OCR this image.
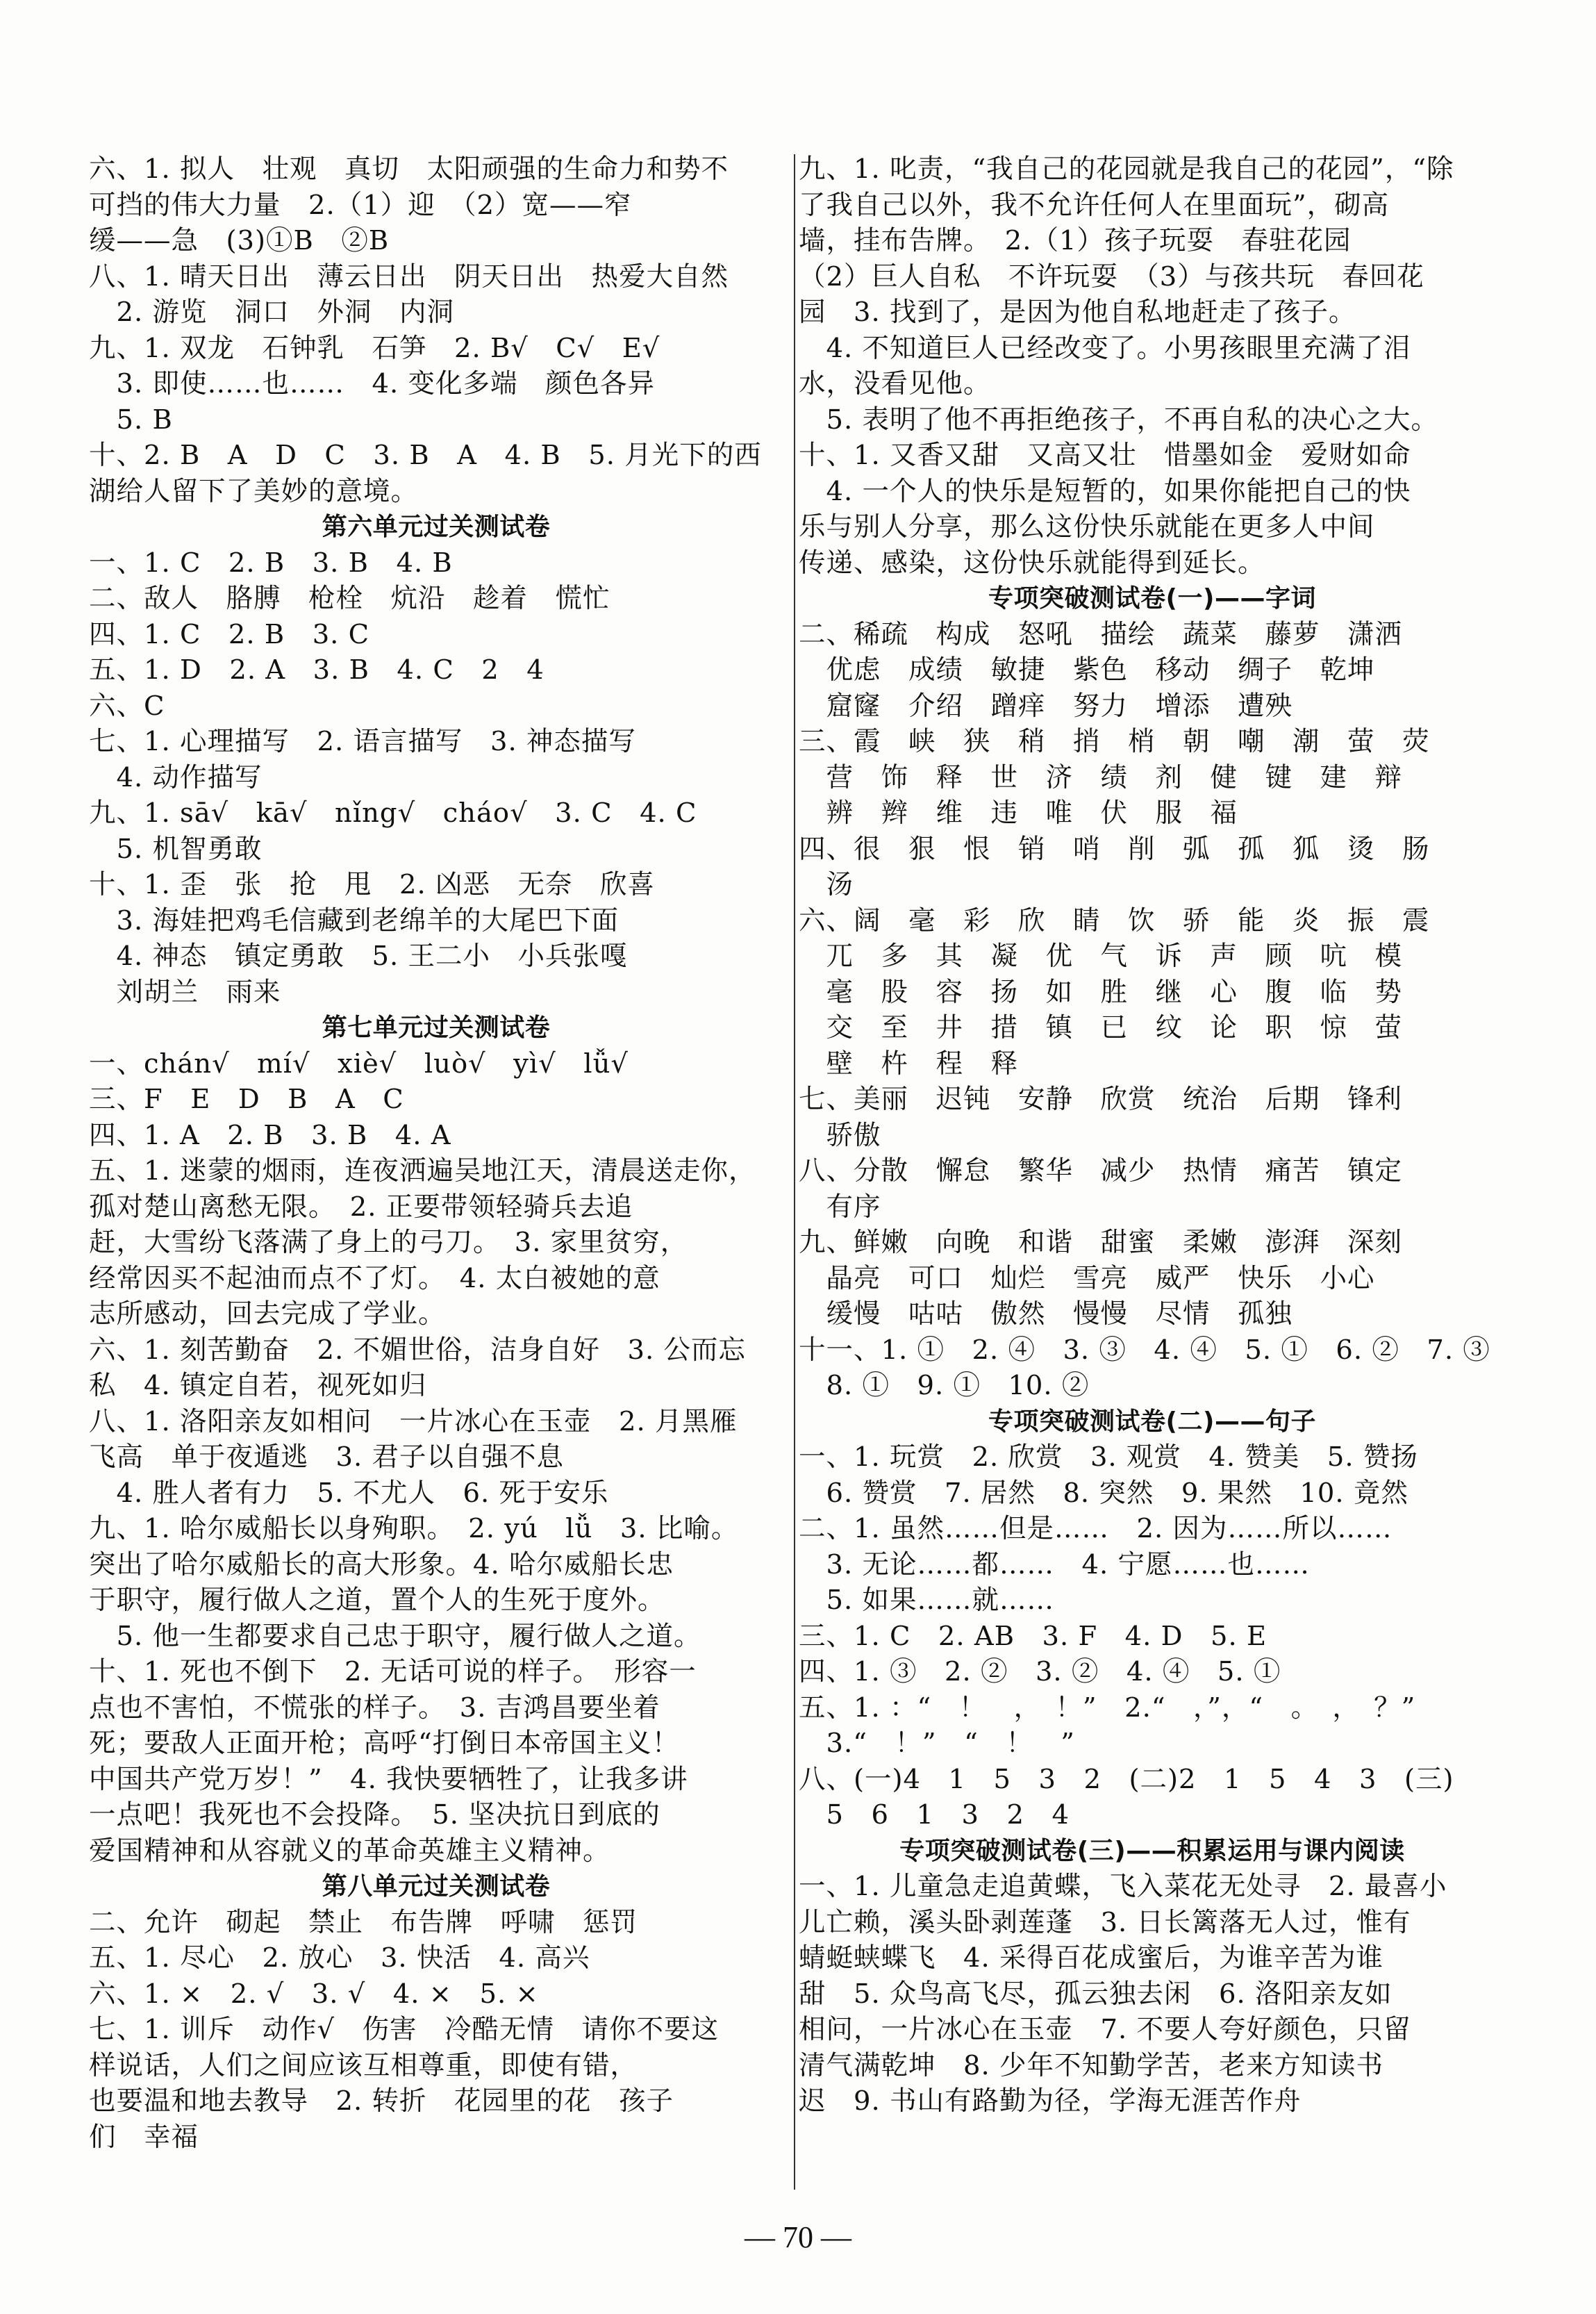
六、1. 拟人　壮观　真切　太阳顽强的生命力和势不
可挡的伟大力量　2.（1）迎　（2）宽——窄
缓——急　(3)①B　②B
八、1. 晴天日出　薄云日出　阴天日出　热爱大自然
　2. 游览　洞口　外洞　内洞
九、1. 双龙　石钟乳　石笋　2. B√　C√　E√
　3. 即使……也……　4. 变化多端　颜色各异
　5. B
十、2. B　A　D　C　3. B　A　4. B　5. 月光下的西
湖给人留下了美妙的意境。
第六单元过关测试卷
一、1. C　2. B　3. B　4. B
二、敌人　胳膊　枪栓　炕沿　趁着　慌忙
四、1. C　2. B　3. C
五、1. D　2. A　3. B　4. C　2　4
六、C
七、1. 心理描写　2. 语言描写　3. 神态描写
　4. 动作描写
九、1. sā√　kā√　nǐng√　cháo√　3. C　4. C
　5. 机智勇敢
十、1. 歪　张　抢　甩　2. 凶恶　无奈　欣喜
　3. 海娃把鸡毛信藏到老绵羊的大尾巴下面
　4. 神态　镇定勇敢　5. 王二小　小兵张嘎
　刘胡兰　雨来
第七单元过关测试卷
一、chán√　mí√　xiè√　luò√　yì√　lǚ√
三、F　E　D　B　A　C
四、1. A　2. B　3. B　4. A
五、1. 迷蒙的烟雨，连夜洒遍吴地江天，清晨送走你，
孤对楚山离愁无限。　2. 正要带领轻骑兵去追
赶，大雪纷飞落满了身上的弓刀。　3. 家里贫穷，
经常因买不起油而点不了灯。　4. 太白被她的意
志所感动，回去完成了学业。
六、1. 刻苦勤奋　2. 不媚世俗，洁身自好　3. 公而忘
私　4. 镇定自若，视死如归
八、1. 洛阳亲友如相问　一片冰心在玉壶　2. 月黑雁
飞高　单于夜遁逃　3. 君子以自强不息
　4. 胜人者有力　5. 不尤人　6. 死于安乐
九、1. 哈尔威船长以身殉职。　2. yú　lǚ　3. 比喻。
突出了哈尔威船长的高大形象。4. 哈尔威船长忠
于职守，履行做人之道，置个人的生死于度外。
　5. 他一生都要求自己忠于职守，履行做人之道。
十、1. 死也不倒下　2. 无话可说的样子。　形容一
点也不害怕，不慌张的样子。　3. 吉鸿昌要坐着
死；要敌人正面开枪；高呼“打倒日本帝国主义！
中国共产党万岁！”　4. 我快要牺牲了，让我多讲
一点吧！我死也不会投降。　5. 坚决抗日到底的
爱国精神和从容就义的革命英雄主义精神。
第八单元过关测试卷
二、允许　砌起　禁止　布告牌　呼啸　惩罚
五、1. 尽心　2. 放心　3. 快活　4. 高兴
六、1. ×　2. √　3. √　4. ×　5. ×
七、1. 训斥　动作√　伤害　冷酷无情　请你不要这
样说话，人们之间应该互相尊重，即使有错，
也要温和地去教导　2. 转折　花园里的花　孩子
们　幸福
九、1. 叱责，“我自己的花园就是我自己的花园”，“除
了我自己以外，我不允许任何人在里面玩”，砌高
墙，挂布告牌。　2.（1）孩子玩耍　春驻花园
（2）巨人自私　不许玩耍　（3）与孩共玩　春回花
园　3. 找到了，是因为他自私地赶走了孩子。
　4. 不知道巨人已经改变了。小男孩眼里充满了泪
水，没看见他。
　5. 表明了他不再拒绝孩子，不再自私的决心之大。
十、1. 又香又甜　又高又壮　惜墨如金　爱财如命
　4. 一个人的快乐是短暂的，如果你能把自己的快
乐与别人分享，那么这份快乐就能在更多人中间
传递、感染，这份快乐就能得到延长。
专项突破测试卷(一)——字词
二、稀疏　构成　怒吼　描绘　蔬菜　藤萝　潇洒
　优虑　成绩　敏捷　紫色　移动　绸子　乾坤
　窟窿　介绍　蹭痒　努力　增添　遭殃
三、霞　峡　狭　稍　捎　梢　朝　嘲　潮　萤　荧
　营　饰　释　世　济　绩　剂　健　键　建　辩
　辨　辫　维　违　唯　伏　服　福
四、很　狠　恨　销　哨　削　弧　孤　狐　烫　肠
　汤
六、阔　毫　彩　欣　睛　饮　骄　能　炎　振　震
　兀　多　其　凝　优　气　诉　声　顾　吭　模
　毫　股　容　扬　如　胜　继　心　腹　临　势
　交　至　井　措　镇　已　纹　论　职　惊　萤
　壁　杵　程　释
七、美丽　迟钝　安静　欣赏　统治　后期　锋利
　骄傲
八、分散　懈怠　繁华　减少　热情　痛苦　镇定
　有序
九、鲜嫩　向晚　和谐　甜蜜　柔嫩　澎湃　深刻
　晶亮　可口　灿烂　雪亮　威严　快乐　小心
　缓慢　咕咕　傲然　慢慢　尽情　孤独
十一、1. ①　2. ④　3. ③　4. ④　5. ①　6. ②　7. ③
　8. ①　9. ①　10. ②
专项突破测试卷(二)——句子
一、1. 玩赏　2. 欣赏　3. 观赏　4. 赞美　5. 赞扬
　6. 赞赏　7. 居然　8. 突然　9. 果然　10. 竟然
二、1. 虽然……但是……　2. 因为……所以……
　3. 无论……都……　4. 宁愿……也……
　5. 如果……就……
三、1. C　2. AB　3. F　4. D　5. E
四、1. ③　2. ②　3. ②　4. ④　5. ①
五、1. ：“　！　，　！”　2.“　，”，“　。　，　？”
　3.“　！”　“　！　”
八、(一)4　1　5　3　2　(二)2　1　5　4　3　(三)
　5　6　1　3　2　4
专项突破测试卷(三)——积累运用与课内阅读
一、1. 儿童急走追黄蝶，飞入菜花无处寻　2. 最喜小
儿亡赖，溪头卧剥莲蓬　3. 日长篱落无人过，惟有
蜻蜓蛱蝶飞　4. 采得百花成蜜后，为谁辛苦为谁
甜　5. 众鸟高飞尽，孤云独去闲　6. 洛阳亲友如
相问，一片冰心在玉壶　7. 不要人夸好颜色，只留
清气满乾坤　8. 少年不知勤学苦，老来方知读书
迟　9. 书山有路勤为径，学海无涯苦作舟
— 70 —
